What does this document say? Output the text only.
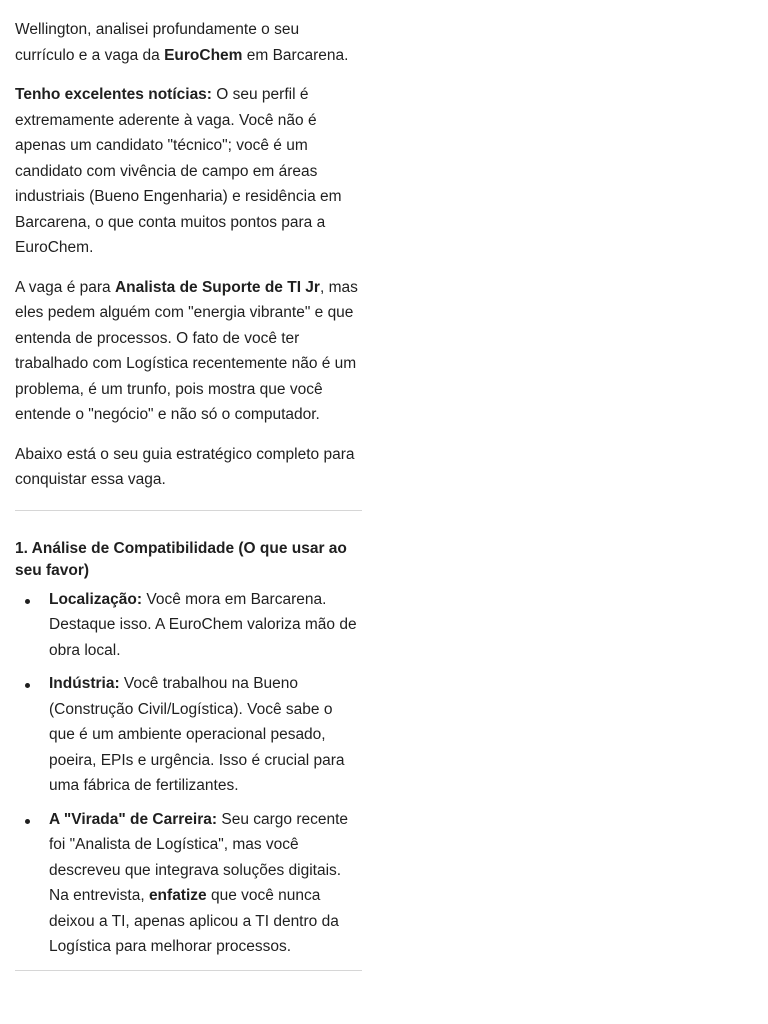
Wellington, analisei profundamente o seu currículo e a vaga da EuroChem em Barcarena.

Tenho excelentes notícias: O seu perfil é extremamente aderente à vaga. Você não é apenas um candidato "técnico"; você é um candidato com vivência de campo em áreas industriais (Bueno Engenharia) e residência em Barcarena, o que conta muitos pontos para a EuroChem.

A vaga é para Analista de Suporte de TI Jr, mas eles pedem alguém com "energia vibrante" e que entenda de processos. O fato de você ter trabalhado com Logística recentemente não é um problema, é um trunfo, pois mostra que você entende o "negócio" e não só o computador.

Abaixo está o seu guia estratégico completo para conquistar essa vaga.

1. Análise de Compatibilidade (O que usar ao seu favor)
Localização: Você mora em Barcarena. Destaque isso. A EuroChem valoriza mão de obra local.
Indústria: Você trabalhou na Bueno (Construção Civil/Logística). Você sabe o que é um ambiente operacional pesado, poeira, EPIs e urgência. Isso é crucial para uma fábrica de fertilizantes.
A "Virada" de Carreira: Seu cargo recente foi "Analista de Logística", mas você descreveu que integrava soluções digitais. Na entrevista, enfatize que você nunca deixou a TI, apenas aplicou a TI dentro da Logística para melhorar processos.
